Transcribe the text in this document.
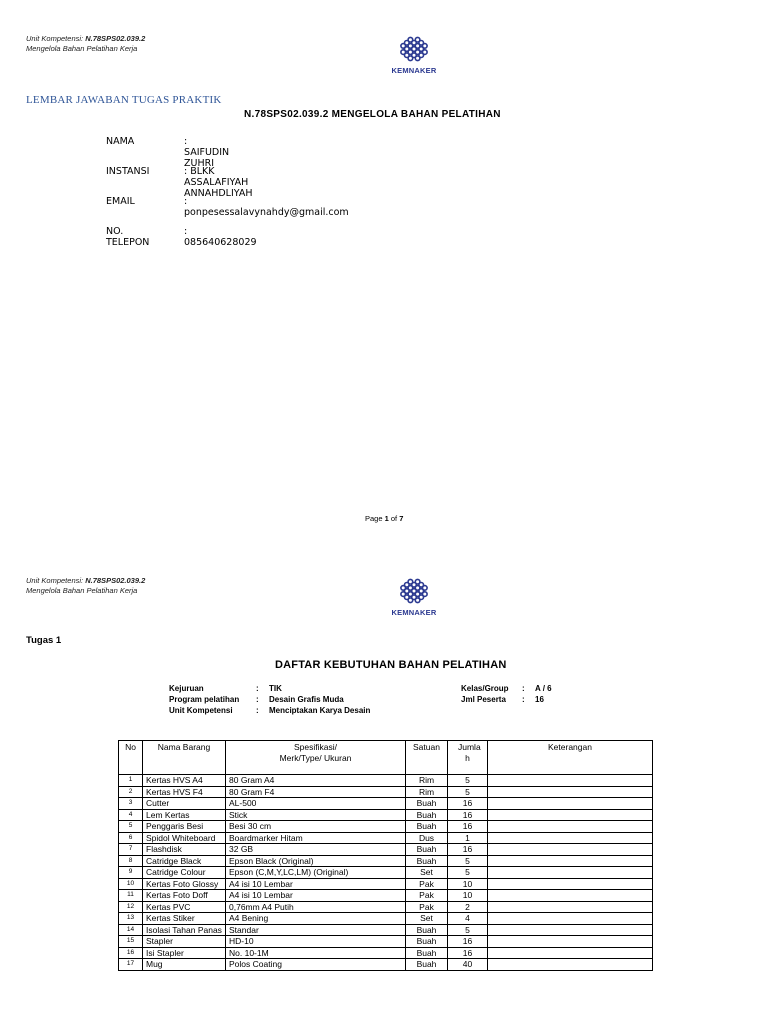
Unit Kompetensi: N.78SPS02.039.2
Mengelola Bahan Pelatihan Kerja
KEMNAKER
LEMBAR JAWABAN TUGAS PRAKTIK
N.78SPS02.039.2 MENGELOLA BAHAN PELATIHAN
NAMA	: SAIFUDIN ZUHRI
INSTANSI	: BLKK ASSALAFIYAH ANNAHDLIYAH
EMAIL	: ponpesessalavynahdy@gmail.com
NO. TELEPON
: 085640628029
Page 1 of 7
Unit Kompetensi: N.78SPS02.039.2
Mengelola Bahan Pelatihan Kerja
KEMNAKER
Tugas 1
DAFTAR KEBUTUHAN BAHAN PELATIHAN
Kejuruan	: TIK
Program pelatihan : Desain Grafis Muda
Unit Kompetensi	: Menciptakan Karya Desain
Kelas/Group : A / 6
Jml Peserta : 16
No	Nama Barang	Spesifikasi/ Merk/Type/ Ukuran	Satuan	Jumla h	Keterangan
1	Kertas HVS A4	80 Gram A4	Rim	5	
2	Kertas HVS F4	80 Gram F4	Rim	5	
3	Cutter	AL-500	Buah	16	
4	Lem Kertas	Stick	Buah	16	
5	Penggaris Besi	Besi 30 cm	Buah	16	
6	Spidol Whiteboard	Boardmarker Hitam	Dus	1	
7	Flashdisk	32 GB	Buah	16	
8	Catridge Black	Epson Black (Original)	Buah	5	
9	Catridge Colour	Epson (C,M,Y,LC,LM) (Original)	Set	5	
10	Kertas Foto Glossy	A4 isi 10 Lembar	Pak	10	
11	Kertas Foto Doff	A4 isi 10 Lembar	Pak	10	
12	Kertas PVC	0,76mm A4 Putih	Pak	2	
13	Kertas Stiker	A4 Bening	Set	4	
14	Isolasi Tahan Panas	Standar	Buah	5	
15	Stapler	HD-10	Buah	16	
16	Isi Stapler	No. 10-1M	Buah	16	
17	Mug	Polos Coating	Buah	40	
